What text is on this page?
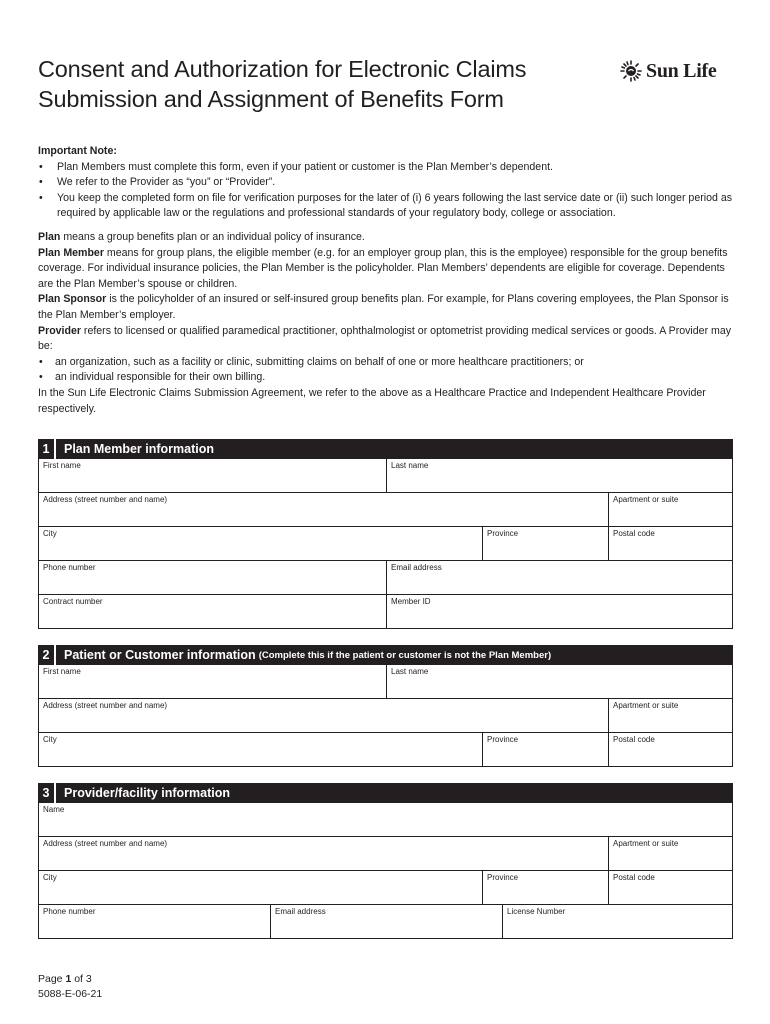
Consent and Authorization for Electronic Claims
Submission and Assignment of Benefits Form
Sun Life
Important Note:
• Plan Members must complete this form, even if your patient or customer is the Plan Member’s dependent.
• We refer to the Provider as “you” or “Provider”.
• You keep the completed form on file for verification purposes for the later of (i) 6 years following the last service date or (ii) such longer period as required by applicable law or the regulations and professional standards of your regulatory body, college or association.

Plan means a group benefits plan or an individual policy of insurance.

Plan Member means for group plans, the eligible member (e.g. for an employer group plan, this is the employee) responsible for the group benefits coverage. For individual insurance policies, the Plan Member is the policyholder. Plan Members’ dependents are eligible for coverage. Dependents are the Plan Member’s spouse or children.

Plan Sponsor is the policyholder of an insured or self-insured group benefits plan. For example, for Plans covering employees, the Plan Sponsor is the Plan Member’s employer.

Provider refers to licensed or qualified paramedical practitioner, ophthalmologist or optometrist providing medical services or goods. A Provider may be:

• an organization, such as a facility or clinic, submitting claims on behalf of one or more healthcare practitioners; or
• an individual responsible for their own billing.

In the Sun Life Electronic Claims Submission Agreement, we refer to the above as a Healthcare Practice and Independent Healthcare Provider respectively.

1	Plan Member information
First name	Last name
Address (street number and name)	Apartment or suite
City	Province	Postal code
Phone number	Email address
Contract number	Member ID
2	Patient or Customer information (Complete this if the patient or customer is not the Plan Member)
First name	Last name
Address (street number and name)	Apartment or suite
City	Province	Postal code
3	Provider/facility information
Name
Address (street number and name)	Apartment or suite
City	Province	Postal code
Phone number	Email address	License Number
Page 1 of 3
5088-E-06-21
